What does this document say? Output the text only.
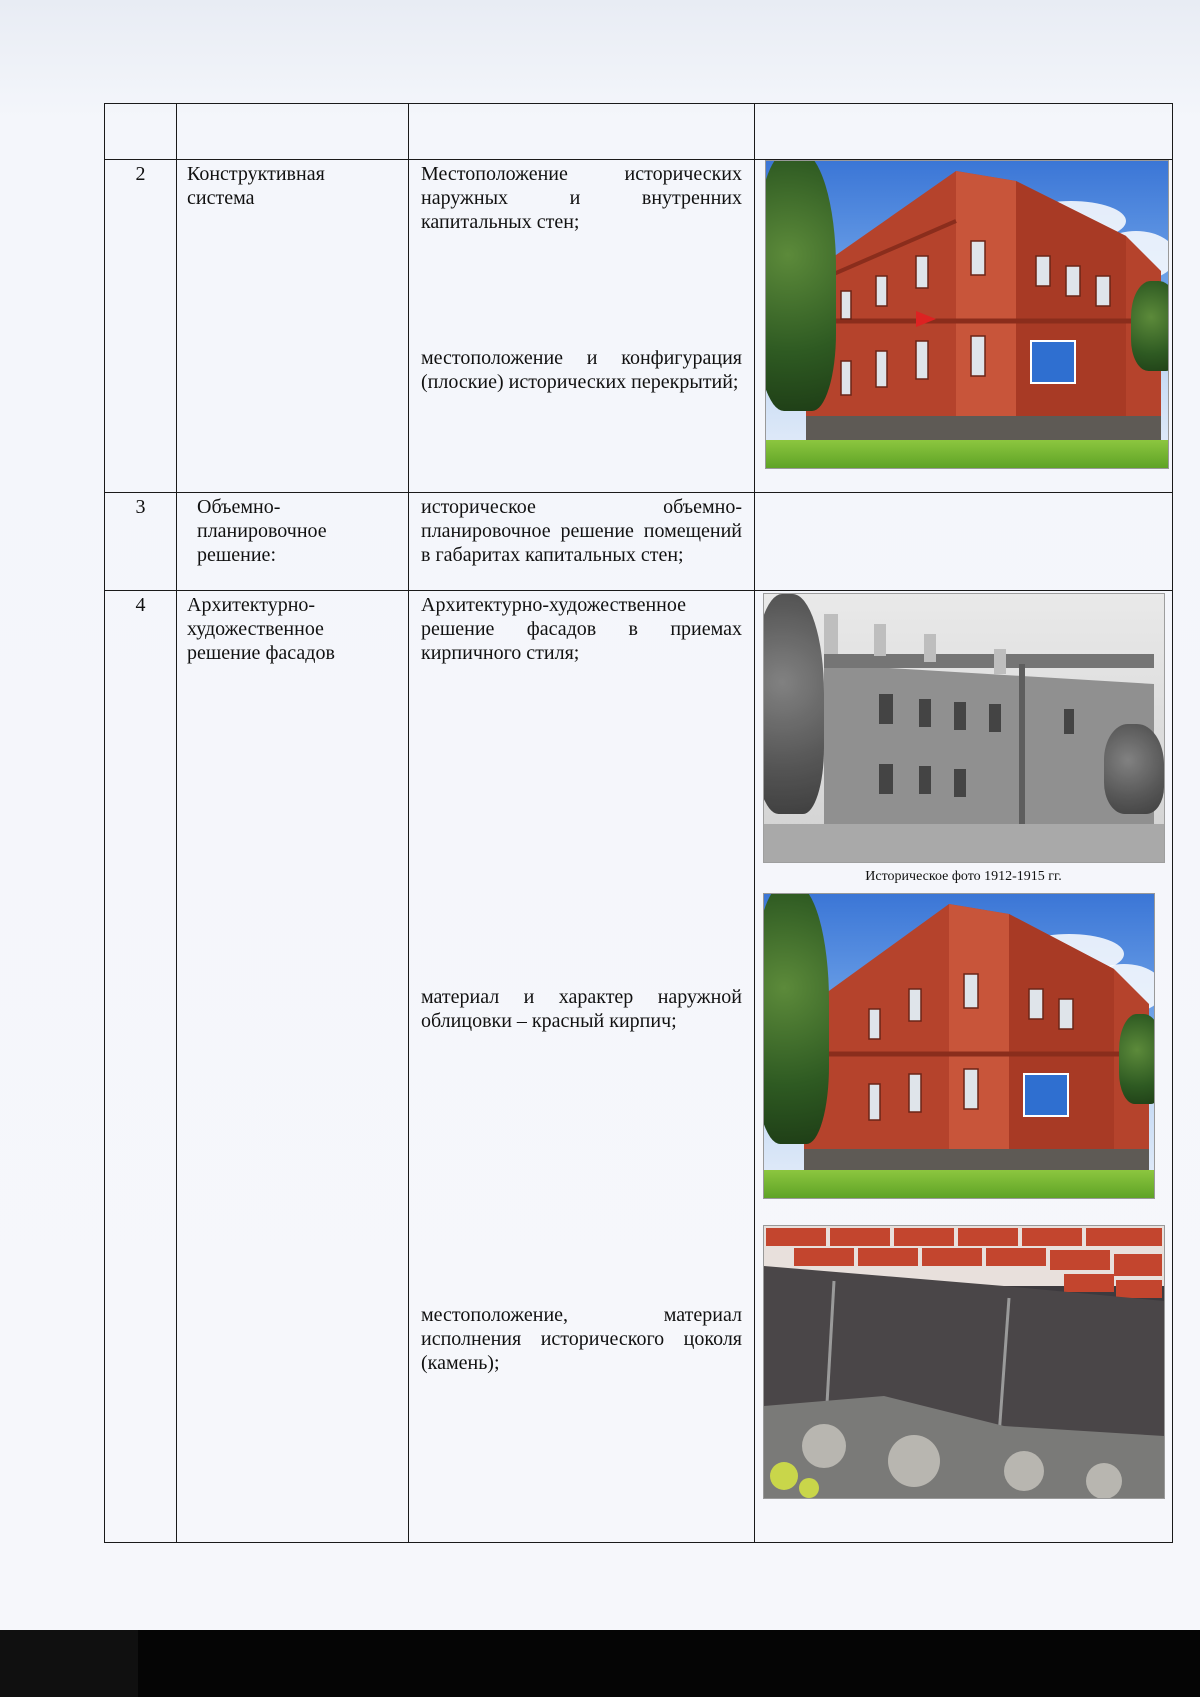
2	Конструктивная система	Местоположение исторических наружных и внутренних капитальных стен;

местоположение и конфигурация (плоские) исторических перекрытий;

3	Объемно-планировочное решение:	историческое объемно-планировочное решение помещений в габаритах капитальных стен;	

4	Архитектурно-художественное решение фасадов	Архитектурно-художественное решение фасадов в приемах кирпичного стиля;

материал и характер наружной облицовки – красный кирпич;

местоположение, материал исполнения исторического цоколя (камень);	Историческое фото 1912-1915 гг.
